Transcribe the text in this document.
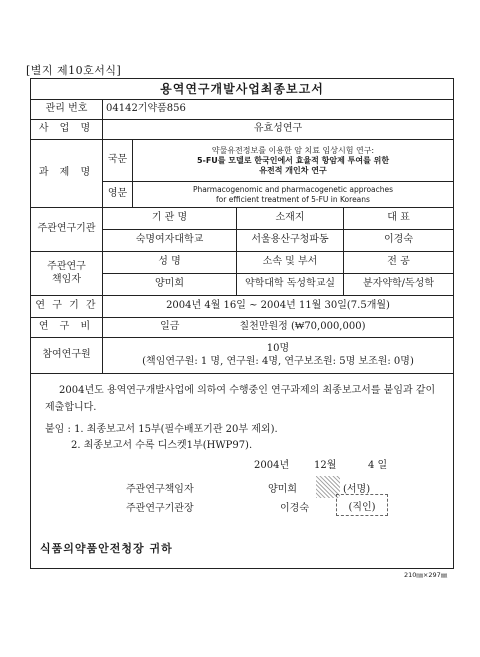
[별지 제10호서식]
용역연구개발사업최종보고서				
관리 번호	04142기약품856			
사 업 명	유효성연구			
과 제 명	국문	약물유전정보를 이용한 암 치료 임상시험 연구:
5-FU를 모델로 한국인에서 효율적 항암제 투여를 위한
유전적 개인차 연구		

	영문	Pharmacogenomic and pharmacogenetic approaches
for efficient treatment of 5-FU in Koreans		

주관연구기관	기 관 명		소재지	대 표
	숙명여자대학교		서울용산구청파동	이경숙

주관연구
책임자	성 명		소속 및 부서	전 공
	양미희		약학대학 독성학교실	분자약학/독성학
연 구 기 간	2004년 4월 16일 ~ 2004년 11월 30일(7.5개월)			
연 구 비	일금		칠천만원정 (₩70,000,000)	
참여연구원	10명
(책임연구원: 1 명, 연구원: 4명, 연구보조원: 5명 보조원: 0명)			

2004년도 용역연구개발사업에 의하여 수행중인 연구과제의 최종보고서를 붙임과 같이 제출합니다.

붙임 : 1. 최종보고서 15부(필수배포기관 20부 제외).
2. 최종보고서 수록 디스켓1부(HWP97).				
2004년 12월	4 일
주관연구책임자	양미희	(서명)
주관연구기관장	이경숙	(직인)
식품의약품안전청장 귀하
210㎜×297㎜
